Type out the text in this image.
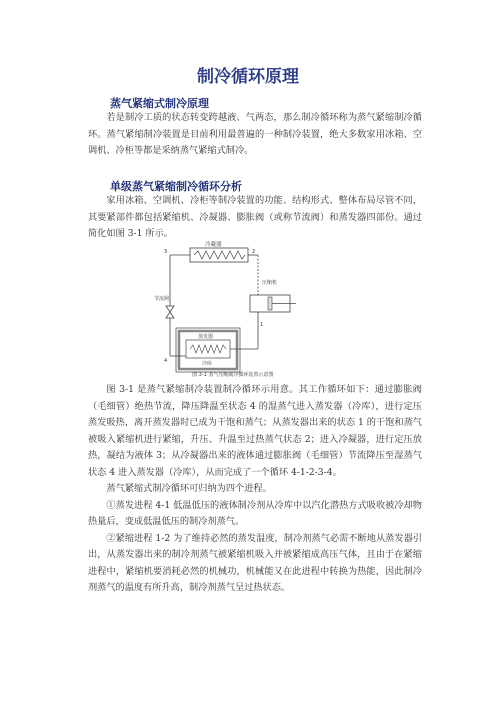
制冷循环原理
蒸气紧缩式制冷原理

若是制冷工质的状态转变跨越液、气两态，那么制冷循环称为蒸气紧缩制冷循环。蒸气紧缩制冷装置是目前利用最普遍的一种制冷装置，绝大多数家用冰箱、空调机、冷柜等都是采纳蒸气紧缩式制冷。

单级蒸气紧缩制冷循环分析

家用冰箱、空调机、冷柜等制冷装置的功能、结构形式、整体布局尽管不同，其要紧部件都包括紧缩机、冷凝器、膨胀阀（或称节流阀）和蒸发器四部份。通过简化如图 3-1 所示。

冷凝器
2
3
节流阀
蒸发器
冷库
4
1
压缩机
图 3-1 蒸气压缩制冷循环装置示意图

图 3-1 是蒸气紧缩制冷装置制冷循环示用意。其工作循环如下：通过膨胀阀（毛细管）绝热节流，降压降温至状态 4 的湿蒸气进入蒸发器（冷库），进行定压蒸发吸热，离开蒸发器时已成为干饱和蒸气；从蒸发器出来的状态 1 的干饱和蒸气被吸入紧缩机进行紧缩，升压、升温至过热蒸气状态 2；进入冷凝器，进行定压放热，凝结为液体 3；从冷凝器出来的液体通过膨胀阀（毛细管）节流降压至湿蒸气状态 4 进入蒸发器（冷库），从而完成了一个循环 4-1-2-3-4。

蒸气紧缩式制冷循环可归纳为四个进程。

①蒸发进程 4-1 低温低压的液体制冷剂从冷库中以汽化潜热方式吸收被冷却物热量后，变成低温低压的制冷剂蒸气。

②紧缩进程 1-2 为了维持必然的蒸发温度，制冷剂蒸气必需不断地从蒸发器引出，从蒸发器出来的制冷剂蒸气被紧缩机吸入并被紧缩成高压气体，且由于在紧缩进程中，紧缩机要消耗必然的机械功，机械能又在此进程中转换为热能，因此制冷剂蒸气的温度有所升高，制冷剂蒸气呈过热状态。
